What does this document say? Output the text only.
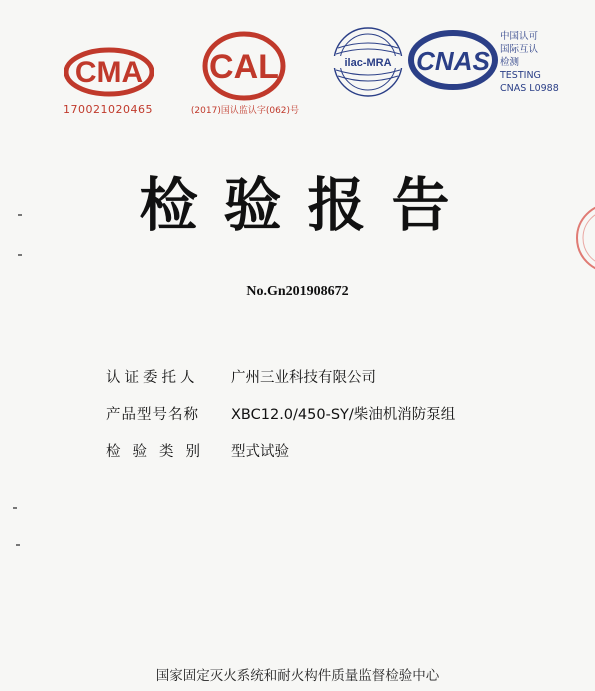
CMA
170021020465
CAL
(2017)国认监认字(062)号
ilac-MRA CNAS
中国认可
国际互认
检测
TESTING
CNAS L0988
检验报告
No.Gn201908672
认证委托人	广州三业科技有限公司
产品型号名称	XBC12.0/450-SY/柴油机消防泵组
检验类别	型式试验
国家固定灭火系统和耐火构件质量监督检验中心
